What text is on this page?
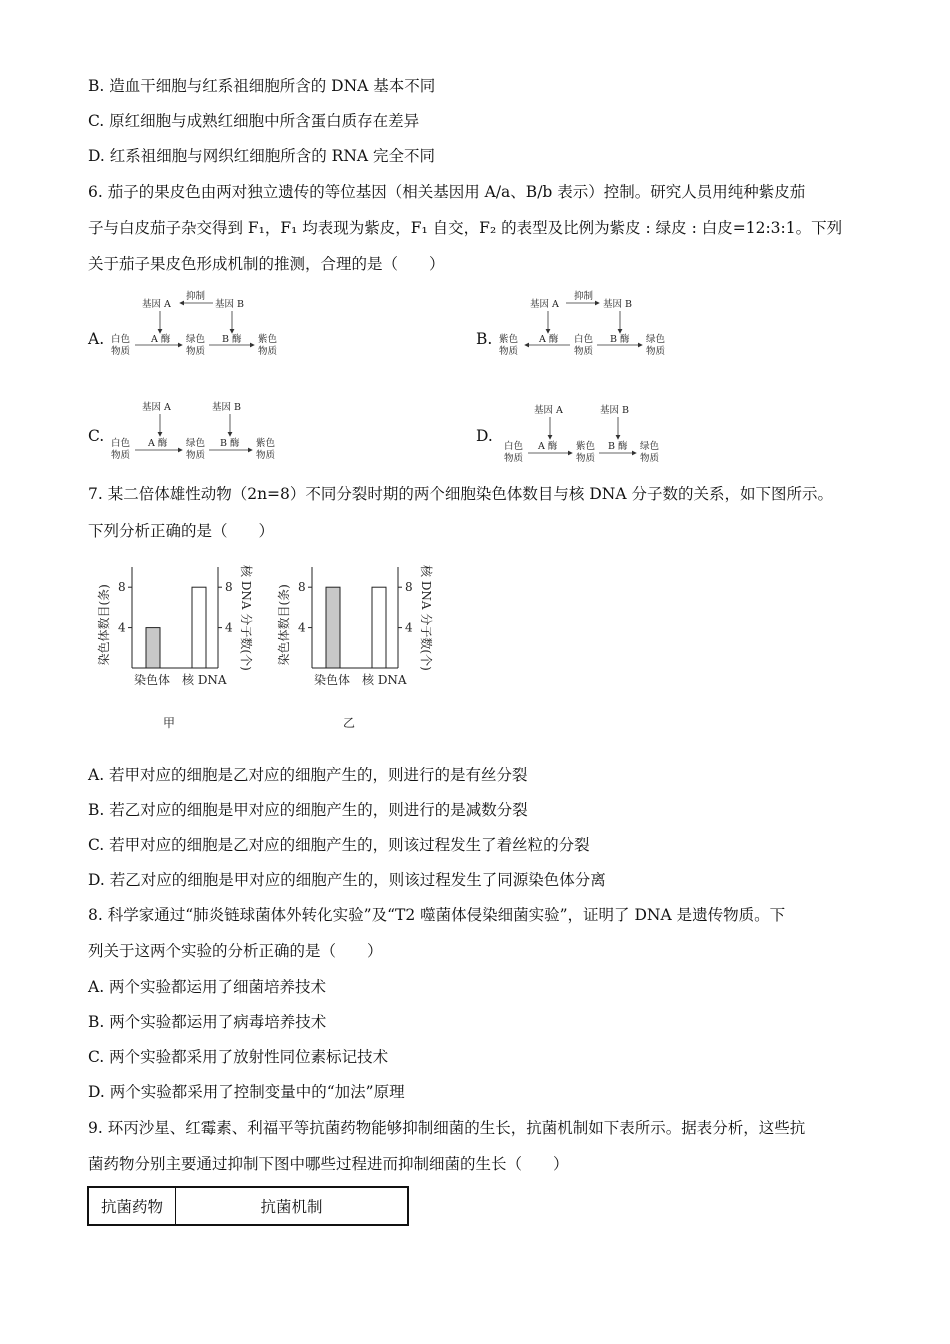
B. 造血干细胞与红系祖细胞所含的 DNA 基本不同
C. 原红细胞与成熟红细胞中所含蛋白质存在差异
D. 红系祖细胞与网织红细胞所含的 RNA 完全不同
6. 茄子的果皮色由两对独立遗传的等位基因（相关基因用 A/a、B/b 表示）控制。研究人员用纯种紫皮茄
子与白皮茄子杂交得到 F₁，F₁ 均表现为紫皮，F₁ 自交，F₂ 的表型及比例为紫皮 : 绿皮 : 白皮=12:3:1。下列
关于茄子果皮色形成机制的推测，合理的是（　　）
A.
基因 A	基因 B
抑制
白色
物质
A 酶 绿色
物质
B 酶 紫色
物质
B.
基因 A	基因 B
抑制
紫色
物质
A 酶 白色
物质
B 酶 绿色
物质
C.
基因 A	基因 B
白色
物质
A 酶 绿色
物质
B 酶 紫色
物质
D.
基因 A	基因 B
白色
物质
A 酶 紫色
物质
B 酶 绿色
物质
7. 某二倍体雄性动物（2n=8）不同分裂时期的两个细胞染色体数目与核 DNA 分子数的关系，如下图所示。
下列分析正确的是（　　）
4	4
8	8
染色体 核 DNA
染色体数目(条)	核 DNA 分子数(个)
甲
4	4
8	8
染色体 核 DNA
染色体数目(条)	核 DNA 分子数(个)
乙
A. 若甲对应的细胞是乙对应的细胞产生的，则进行的是有丝分裂
B. 若乙对应的细胞是甲对应的细胞产生的，则进行的是减数分裂
C. 若甲对应的细胞是乙对应的细胞产生的，则该过程发生了着丝粒的分裂
D. 若乙对应的细胞是甲对应的细胞产生的，则该过程发生了同源染色体分离
8. 科学家通过“肺炎链球菌体外转化实验”及“T2 噬菌体侵染细菌实验”，证明了 DNA 是遗传物质。下
列关于这两个实验的分析正确的是（　　）
A. 两个实验都运用了细菌培养技术
B. 两个实验都运用了病毒培养技术
C. 两个实验都采用了放射性同位素标记技术
D. 两个实验都采用了控制变量中的“加法”原理
9. 环丙沙星、红霉素、利福平等抗菌药物能够抑制细菌的生长，抗菌机制如下表所示。据表分析，这些抗
菌药物分别主要通过抑制下图中哪些过程进而抑制细菌的生长（　　）
抗菌药物	抗菌机制
